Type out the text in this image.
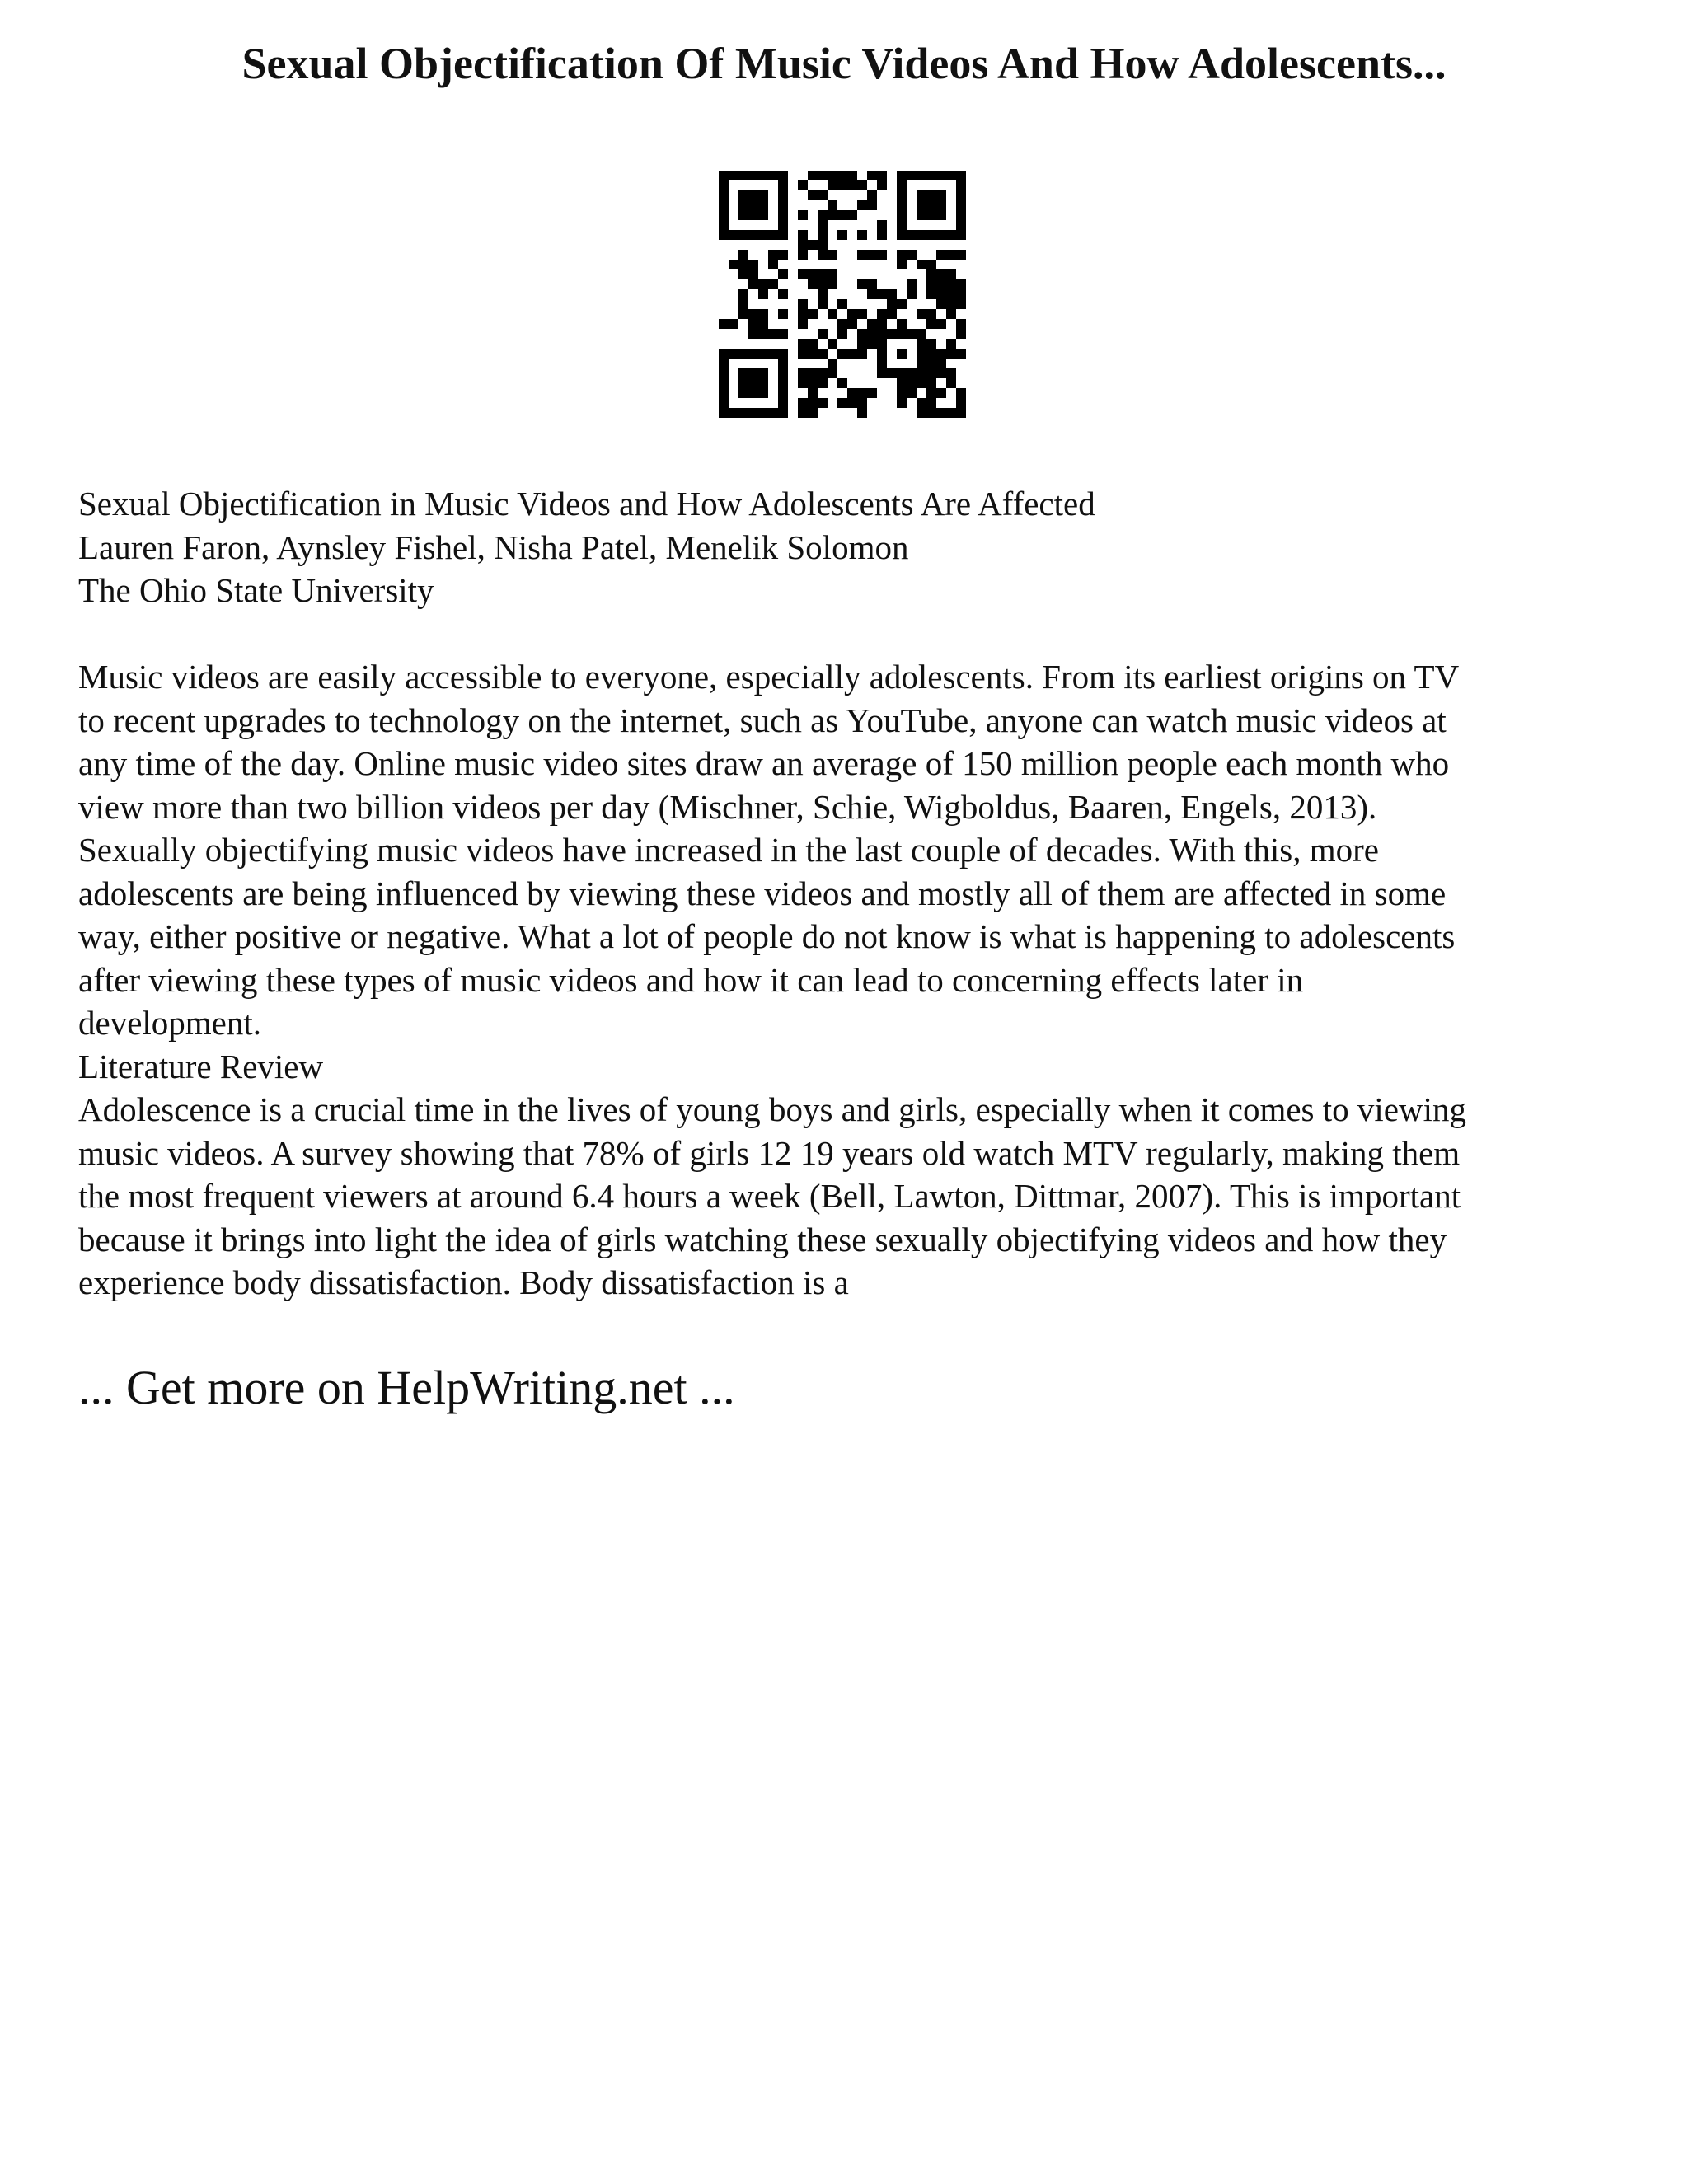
Sexual Objectification Of Music Videos And How Adolescents...
Sexual Objectification in Music Videos and How Adolescents Are Affected
Lauren Faron, Aynsley Fishel, Nisha Patel, Menelik Solomon
The Ohio State University
Music videos are easily accessible to everyone, especially adolescents. From its earliest origins on TV
to recent upgrades to technology on the internet, such as YouTube, anyone can watch music videos at
any time of the day. Online music video sites draw an average of 150 million people each month who
view more than two billion videos per day (Mischner, Schie, Wigboldus, Baaren, Engels, 2013).
Sexually objectifying music videos have increased in the last couple of decades. With this, more
adolescents are being influenced by viewing these videos and mostly all of them are affected in some
way, either positive or negative. What a lot of people do not know is what is happening to adolescents
after viewing these types of music videos and how it can lead to concerning effects later in
development.
Literature Review
Adolescence is a crucial time in the lives of young boys and girls, especially when it comes to viewing
music videos. A survey showing that 78% of girls 12 19 years old watch MTV regularly, making them
the most frequent viewers at around 6.4 hours a week (Bell, Lawton, Dittmar, 2007). This is important
because it brings into light the idea of girls watching these sexually objectifying videos and how they
experience body dissatisfaction. Body dissatisfaction is a
... Get more on HelpWriting.net ...
